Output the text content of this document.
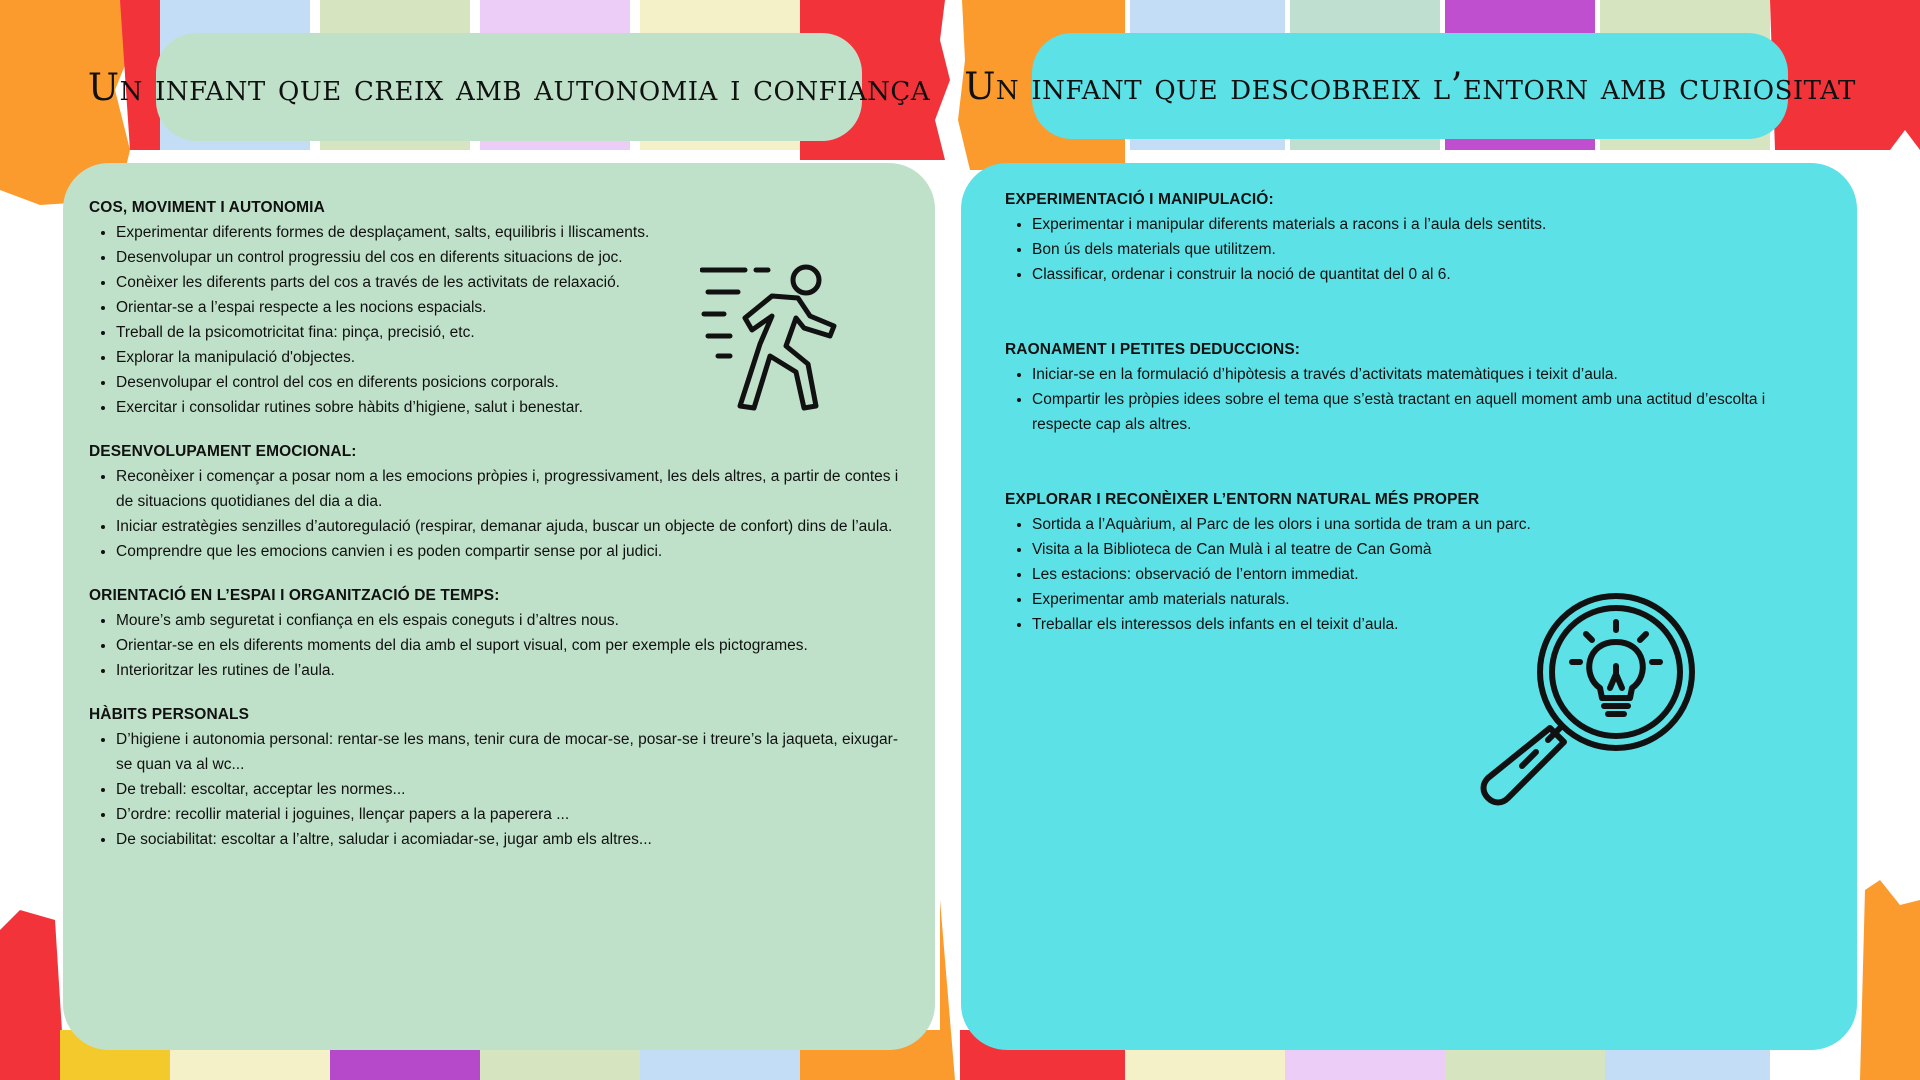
Un infant que creix amb autonomia i confiança Un infant que descobreix l’entorn amb curiositat
COS, MOVIMENT I AUTONOMIA
• Experimentar diferents formes de desplaçament, salts, equilibris i lliscaments.
• Desenvolupar un control progressiu del cos en diferents situacions de joc.
• Conèixer les diferents parts del cos a través de les activitats de relaxació.
• Orientar-se a l’espai respecte a les nocions espacials.
• Treball de la psicomotricitat fina: pinça, precisió, etc.
• Explorar la manipulació d'objectes.
• Desenvolupar el control del cos en diferents posicions corporals.
• Exercitar i consolidar rutines sobre hàbits d’higiene, salut i benestar.
DESENVOLUPAMENT EMOCIONAL:
• Reconèixer i començar a posar nom a les emocions pròpies i, progressivament, les dels altres, a partir de contes i de situacions quotidianes del dia a dia.
• Iniciar estratègies senzilles d’autoregulació (respirar, demanar ajuda, buscar un objecte de confort) dins de l’aula.
• Comprendre que les emocions canvien i es poden compartir sense por al judici.
ORIENTACIÓ EN L’ESPAI I ORGANITZACIÓ DE TEMPS:
• Moure’s amb seguretat i confiança en els espais coneguts i d’altres nous.
• Orientar-se en els diferents moments del dia amb el suport visual, com per exemple els pictogrames.
• Interioritzar les rutines de l’aula.
HÀBITS PERSONALS
• D’higiene i autonomia personal: rentar-se les mans, tenir cura de mocar-se, posar-se i treure’s la jaqueta, eixugar-se quan va al wc...
• De treball: escoltar, acceptar les normes...
• D’ordre: recollir material i joguines, llençar papers a la paperera ...
• De sociabilitat: escoltar a l’altre, saludar i acomiadar-se, jugar amb els altres...
EXPERIMENTACIÓ I MANIPULACIÓ:
• Experimentar i manipular diferents materials a racons i a l’aula dels sentits.
• Bon ús dels materials que utilitzem.
• Classificar, ordenar i construir la noció de quantitat del 0 al 6.
RAONAMENT I PETITES DEDUCCIONS:
• Iniciar-se en la formulació d’hipòtesis a través d’activitats matemàtiques i teixit d’aula.
• Compartir les pròpies idees sobre el tema que s’està tractant en aquell moment amb una actitud d’escolta i respecte cap als altres.
EXPLORAR I RECONÈIXER L’ENTORN NATURAL MÉS PROPER
• Sortida a l’Aquàrium, al Parc de les olors i una sortida de tram a un parc.
• Visita a la Biblioteca de Can Mulà i al teatre de Can Gomà
• Les estacions: observació de l’entorn immediat.
• Experimentar amb materials naturals.
• Treballar els interessos dels infants en el teixit d’aula.
